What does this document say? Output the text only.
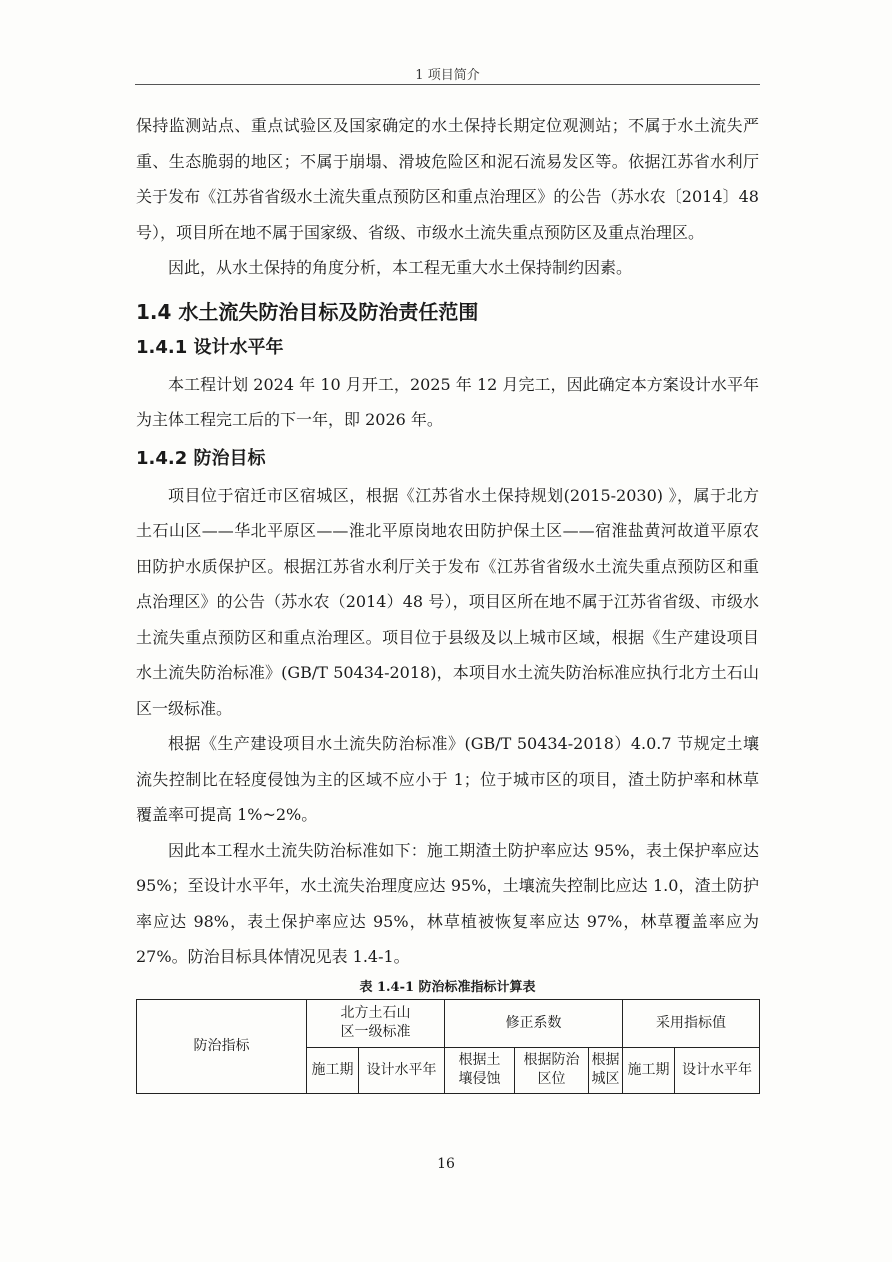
1 项目简介

保持监测站点、重点试验区及国家确定的水土保持长期定位观测站；不属于水土流失严重、生态脆弱的地区；不属于崩塌、滑坡危险区和泥石流易发区等。依据江苏省水利厅关于发布《江苏省省级水土流失重点预防区和重点治理区》的公告（苏水农〔2014〕48 号），项目所在地不属于国家级、省级、市级水土流失重点预防区及重点治理区。

因此，从水土保持的角度分析，本工程无重大水土保持制约因素。

1.4 水土流失防治目标及防治责任范围
1.4.1 设计水平年

本工程计划 2024 年 10 月开工，2025 年 12 月完工，因此确定本方案设计水平年为主体工程完工后的下一年，即 2026 年。

1.4.2 防治目标

项目位于宿迁市区宿城区，根据《江苏省水土保持规划(2015-2030) 》，属于北方土石山区——华北平原区——淮北平原岗地农田防护保土区——宿淮盐黄河故道平原农田防护水质保护区。根据江苏省水利厅关于发布《江苏省省级水土流失重点预防区和重点治理区》的公告（苏水农（2014）48 号），项目区所在地不属于江苏省省级、市级水土流失重点预防区和重点治理区。项目位于县级及以上城市区域，根据《生产建设项目水土流失防治标准》(GB/T 50434-2018)，本项目水土流失防治标准应执行北方土石山区一级标准。

根据《生产建设项目水土流失防治标准》(GB/T 50434-2018）4.0.7 节规定土壤流失控制比在轻度侵蚀为主的区域不应小于 1；位于城市区的项目，渣土防护率和林草覆盖率可提高 1%~2%。

因此本工程水土流失防治标准如下：施工期渣土防护率应达 95%，表土保护率应达 95%；至设计水平年，水土流失治理度应达 95%，土壤流失控制比应达 1.0，渣土防护率应达 98%，表土保护率应达 95%，林草植被恢复率应达 97%，林草覆盖率应为 27%。防治目标具体情况见表 1.4-1。

表 1.4-1 防治标准指标计算表
防治指标	北方土石山区一级标准		修正系数			采用指标值	
	施工期	设计水平年	根据土壤侵蚀	根据防治区位	根据城区	施工期	设计水平年
16
